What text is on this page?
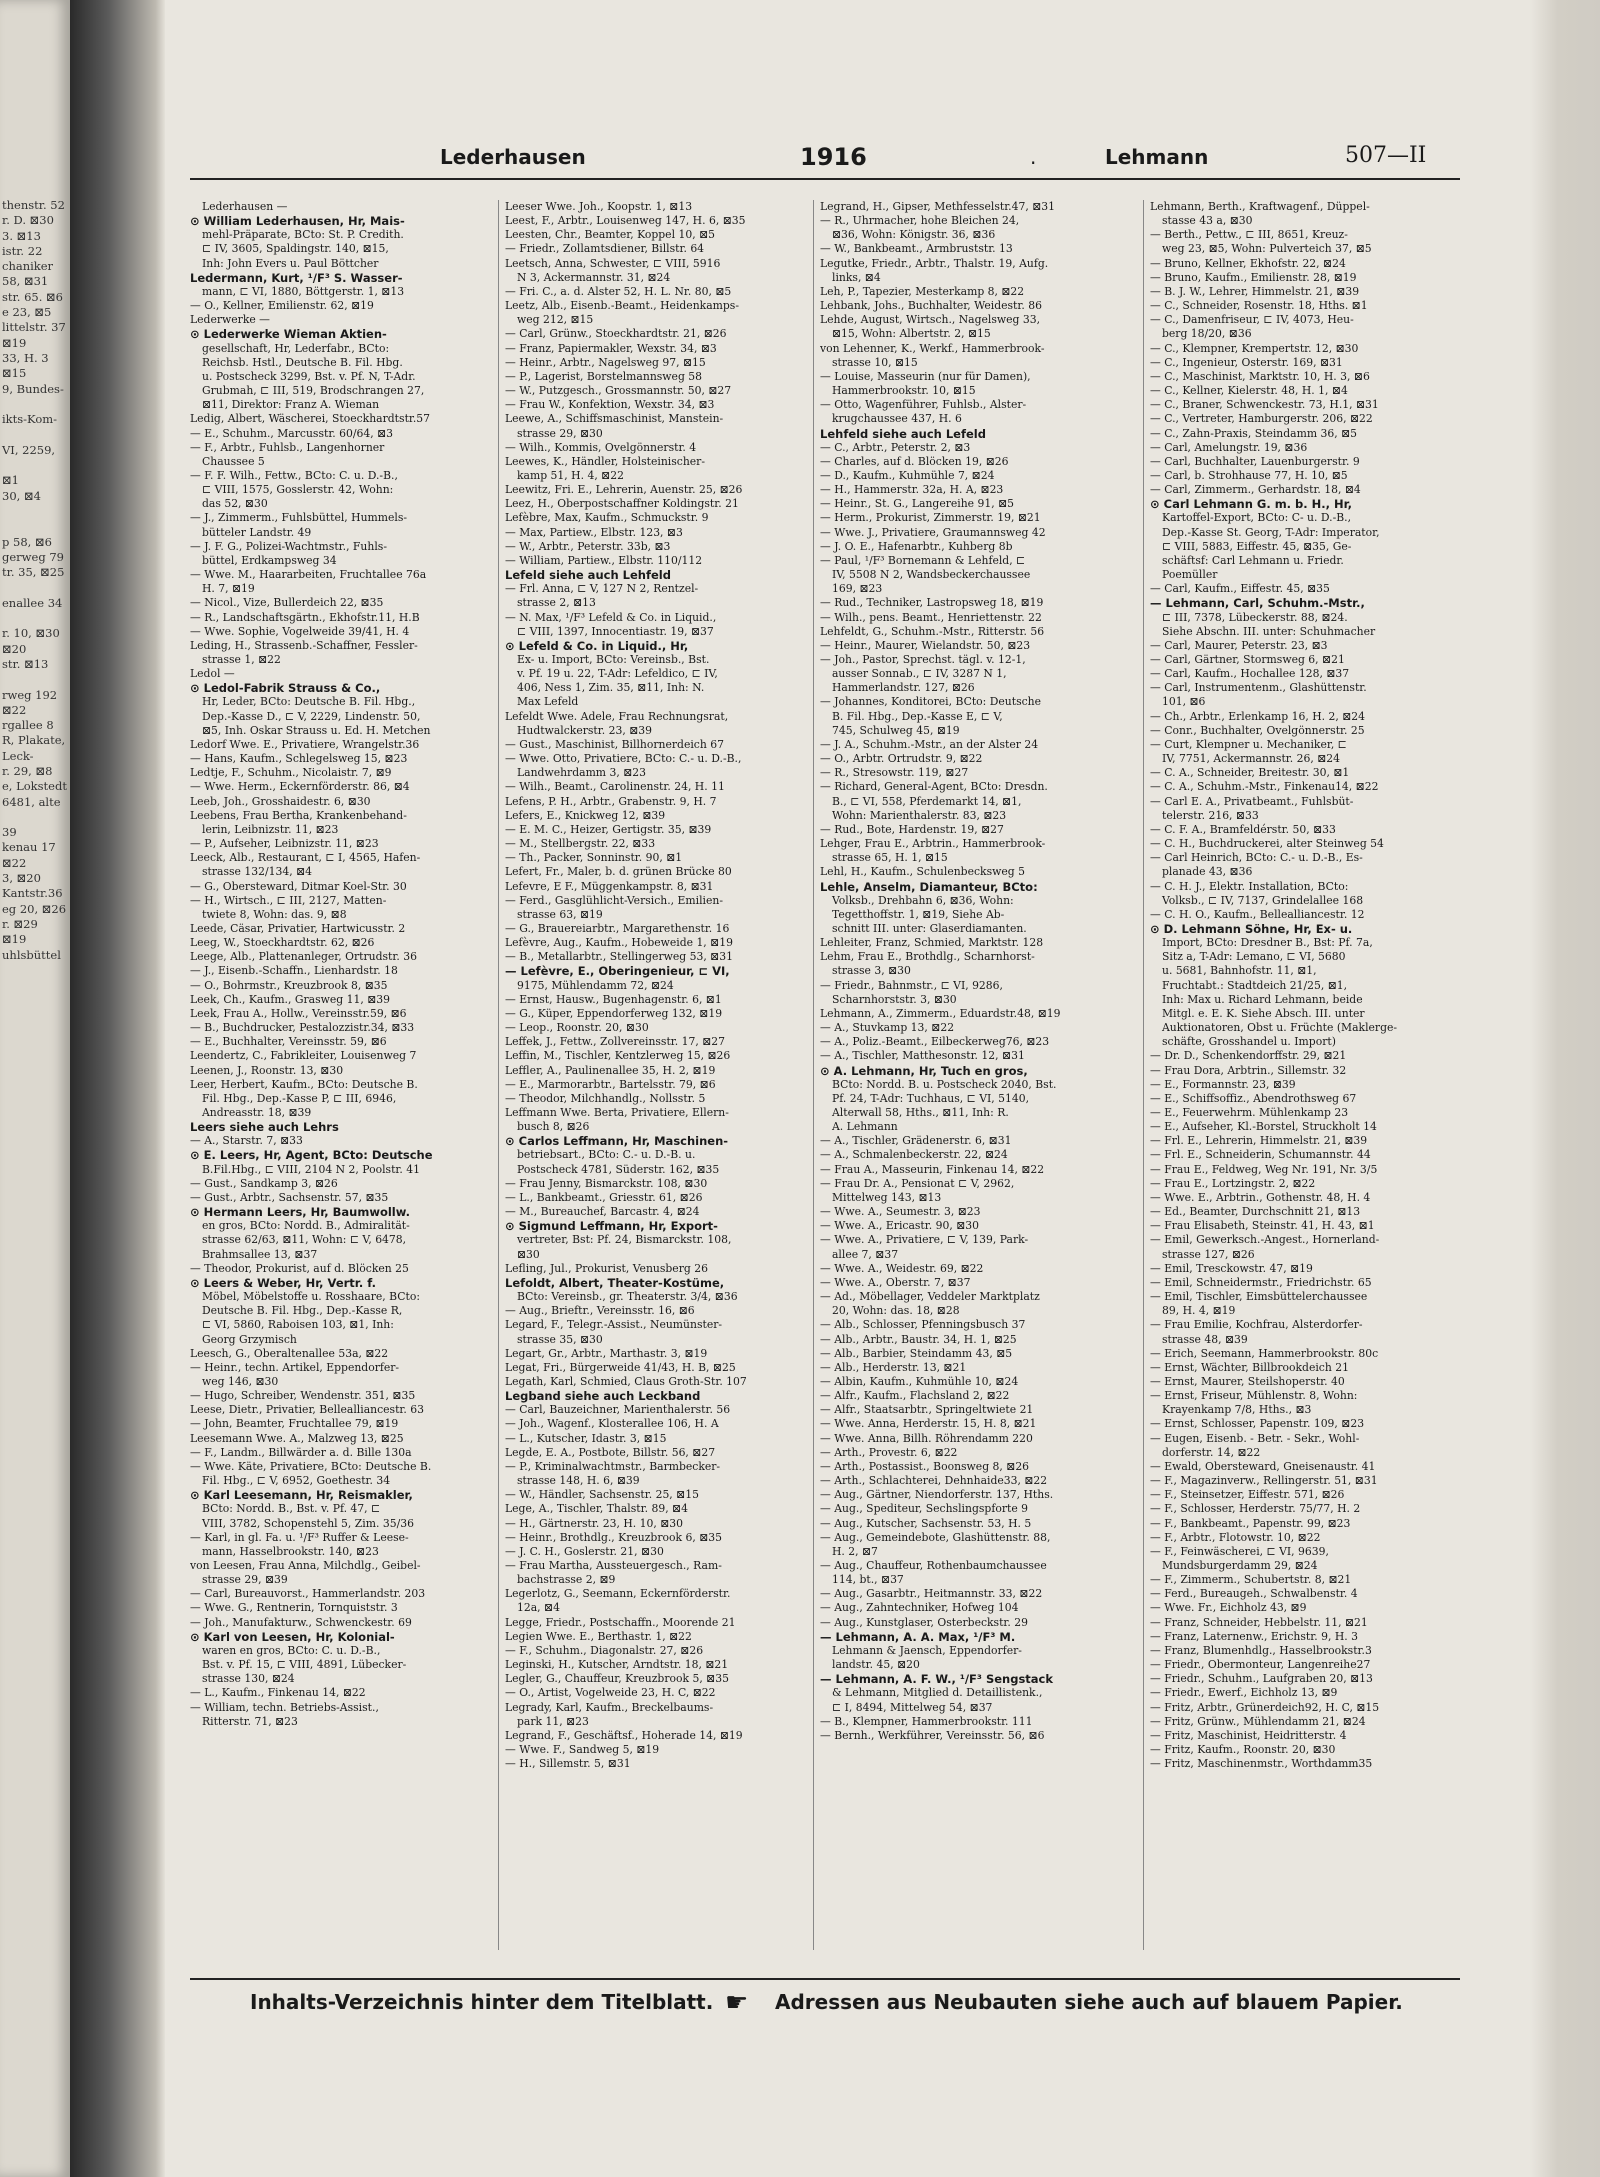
thenstr. 52
r. D. ⊠30
3. ⊠13
istr. 22
chaniker
58, ⊠31
str. 65. ⊠6
e 23, ⊠5
littelstr. 37
⊠19
33, H. 3
⊠15
9, Bundes-

ikts-Kom-

VI, 2259,

⊠1
30, ⊠4

p 58, ⊠6
gerweg 79
tr. 35, ⊠25

enallee 34

r. 10, ⊠30
⊠20
str. ⊠13

rweg 192
⊠22
rgallee 8
R, Plakate,
Leck-
r. 29, ⊠8
e, Lokstedt
6481, alte

39
kenau 17
⊠22
3, ⊠20
Kantstr.36
eg 20, ⊠26
r. ⊠29
⊠19
uhlsbüttel
Lederhausen	1916	.	Lehmann	507—II
Lederhausen —
⊙ William Lederhausen, Hr, Mais-
mehl-Präparate, BCto: St. P. Credith.
⊏ IV, 3605, Spaldingstr. 140, ⊠15,
Inh: John Evers u. Paul Böttcher
Ledermann, Kurt, ¹/F³ S. Wasser-
mann, ⊏ VI, 1880, Böttgerstr. 1, ⊠13
— O., Kellner, Emilienstr. 62, ⊠19
Lederwerke —
⊙ Lederwerke Wieman Aktien-
gesellschaft, Hr, Lederfabr., BCto:
Reichsb. Hstl., Deutsche B. Fil. Hbg.
u. Postscheck 3299, Bst. v. Pf. N, T-Adr.
Grubmah, ⊏ III, 519, Brodschrangen 27,
⊠11, Direktor: Franz A. Wieman
Ledig, Albert, Wäscherei, Stoeckhardtstr.57
— E., Schuhm., Marcusstr. 60/64, ⊠3
— F., Arbtr., Fuhlsb., Langenhorner
Chaussee 5
— F. F. Wilh., Fettw., BCto: C. u. D.-B.,
⊏ VIII, 1575, Gosslerstr. 42, Wohn:
das 52, ⊠30
— J., Zimmerm., Fuhlsbüttel, Hummels-
bütteler Landstr. 49
— J. F. G., Polizei-Wachtmstr., Fuhls-
büttel, Erdkampsweg 34
— Wwe. M., Haararbeiten, Fruchtallee 76a
H. 7, ⊠19
— Nicol., Vize, Bullerdeich 22, ⊠35
— R., Landschaftsgärtn., Ekhofstr.11, H.B
— Wwe. Sophie, Vogelweide 39/41, H. 4
Leding, H., Strassenb.-Schaffner, Fessler-
strasse 1, ⊠22
Ledol —
⊙ Ledol-Fabrik Strauss & Co.,
Hr, Leder, BCto: Deutsche B. Fil. Hbg.,
Dep.-Kasse D., ⊏ V, 2229, Lindenstr. 50,
⊠5, Inh. Oskar Strauss u. Ed. H. Metchen
Ledorf Wwe. E., Privatiere, Wrangelstr.36
— Hans, Kaufm., Schlegelsweg 15, ⊠23
Ledtje, F., Schuhm., Nicolaistr. 7, ⊠9
— Wwe. Herm., Eckernförderstr. 86, ⊠4
Leeb, Joh., Grosshaidestr. 6, ⊠30
Leebens, Frau Bertha, Krankenbehand-
lerin, Leibnizstr. 11, ⊠23
— P., Aufseher, Leibnizstr. 11, ⊠23
Leeck, Alb., Restaurant, ⊏ I, 4565, Hafen-
strasse 132/134, ⊠4
— G., Obersteward, Ditmar Koel-Str. 30
— H., Wirtsch., ⊏ III, 2127, Matten-
twiete 8, Wohn: das. 9, ⊠8
Leede, Cäsar, Privatier, Hartwicusstr. 2
Leeg, W., Stoeckhardtstr. 62, ⊠26
Leege, Alb., Plattenanleger, Ortrudstr. 36
— J., Eisenb.-Schaffn., Lienhardstr. 18
— O., Bohrmstr., Kreuzbrook 8, ⊠35
Leek, Ch., Kaufm., Grasweg 11, ⊠39
Leek, Frau A., Hollw., Vereinsstr.59, ⊠6
— B., Buchdrucker, Pestalozzistr.34, ⊠33
— E., Buchhalter, Vereinsstr. 59, ⊠6
Leendertz, C., Fabrikleiter, Louisenweg 7
Leenen, J., Roonstr. 13, ⊠30
Leer, Herbert, Kaufm., BCto: Deutsche B.
Fil. Hbg., Dep.-Kasse P, ⊏ III, 6946,
Andreasstr. 18, ⊠39
Leers siehe auch Lehrs
— A., Starstr. 7, ⊠33
⊙ E. Leers, Hr, Agent, BCto: Deutsche
B.Fil.Hbg., ⊏ VIII, 2104 N 2, Poolstr. 41
— Gust., Sandkamp 3, ⊠26
— Gust., Arbtr., Sachsenstr. 57, ⊠35
⊙ Hermann Leers, Hr, Baumwollw.
en gros, BCto: Nordd. B., Admiralität-
strasse 62/63, ⊠11, Wohn: ⊏ V, 6478,
Brahmsallee 13, ⊠37
— Theodor, Prokurist, auf d. Blöcken 25
⊙ Leers & Weber, Hr, Vertr. f.
Möbel, Möbelstoffe u. Rosshaare, BCto:
Deutsche B. Fil. Hbg., Dep.-Kasse R,
⊏ VI, 5860, Raboisen 103, ⊠1, Inh:
Georg Grzymisch
Leesch, G., Oberaltenallee 53a, ⊠22
— Heinr., techn. Artikel, Eppendorfer-
weg 146, ⊠30
— Hugo, Schreiber, Wendenstr. 351, ⊠35
Leese, Dietr., Privatier, Bellealliancestr. 63
— John, Beamter, Fruchtallee 79, ⊠19
Leesemann Wwe. A., Malzweg 13, ⊠25
— F., Landm., Billwärder a. d. Bille 130a
— Wwe. Käte, Privatiere, BCto: Deutsche B.
Fil. Hbg., ⊏ V, 6952, Goethestr. 34
⊙ Karl Leesemann, Hr, Reismakler,
BCto: Nordd. B., Bst. v. Pf. 47, ⊏
VIII, 3782, Schopenstehl 5, Zim. 35/36
— Karl, in gl. Fa. u. ¹/F³ Ruffer & Leese-
mann, Hasselbrookstr. 140, ⊠23
von Leesen, Frau Anna, Milchdlg., Geibel-
strasse 29, ⊠39
— Carl, Bureauvorst., Hammerlandstr. 203
— Wwe. G., Rentnerin, Tornquiststr. 3
— Joh., Manufakturw., Schwenckestr. 69
⊙ Karl von Leesen, Hr, Kolonial-
waren en gros, BCto: C. u. D.-B.,
Bst. v. Pf. 15, ⊏ VIII, 4891, Lübecker-
strasse 130, ⊠24
— L., Kaufm., Finkenau 14, ⊠22
— William, techn. Betriebs-Assist.,
Ritterstr. 71, ⊠23
Leeser Wwe. Joh., Koopstr. 1, ⊠13
Leest, F., Arbtr., Louisenweg 147, H. 6, ⊠35
Leesten, Chr., Beamter, Koppel 10, ⊠5
— Friedr., Zollamtsdiener, Billstr. 64
Leetsch, Anna, Schwester, ⊏ VIII, 5916
N 3, Ackermannstr. 31, ⊠24
— Fri. C., a. d. Alster 52, H. L. Nr. 80, ⊠5
Leetz, Alb., Eisenb.-Beamt., Heidenkamps-
weg 212, ⊠15
— Carl, Grünw., Stoeckhardtstr. 21, ⊠26
— Franz, Papiermakler, Wexstr. 34, ⊠3
— Heinr., Arbtr., Nagelsweg 97, ⊠15
— P., Lagerist, Borstelmannsweg 58
— W., Putzgesch., Grossmannstr. 50, ⊠27
— Frau W., Konfektion, Wexstr. 34, ⊠3
Leewe, A., Schiffsmaschinist, Manstein-
strasse 29, ⊠30
— Wilh., Kommis, Ovelgönnerstr. 4
Leewes, K., Händler, Holsteinischer-
kamp 51, H. 4, ⊠22
Leewitz, Fri. E., Lehrerin, Auenstr. 25, ⊠26
Leez, H., Oberpostschaffner Koldingstr. 21
Lefèbre, Max, Kaufm., Schmuckstr. 9
— Max, Partiew., Elbstr. 123, ⊠3
— W., Arbtr., Peterstr. 33b, ⊠3
— William, Partiew., Elbstr. 110/112
Lefeld siehe auch Lehfeld
— Frl. Anna, ⊏ V, 127 N 2, Rentzel-
strasse 2, ⊠13
— N. Max, ¹/F³ Lefeld & Co. in Liquid.,
⊏ VIII, 1397, Innocentiastr. 19, ⊠37
⊙ Lefeld & Co. in Liquid., Hr,
Ex- u. Import, BCto: Vereinsb., Bst.
v. Pf. 19 u. 22, T-Adr: Lefeldico, ⊏ IV,
406, Ness 1, Zim. 35, ⊠11, Inh: N.
Max Lefeld
Lefeldt Wwe. Adele, Frau Rechnungsrat,
Hudtwalckerstr. 23, ⊠39
— Gust., Maschinist, Billhornerdeich 67
— Wwe. Otto, Privatiere, BCto: C.- u. D.-B.,
Landwehrdamm 3, ⊠23
— Wilh., Beamt., Carolinenstr. 24, H. 11
Lefens, P. H., Arbtr., Grabenstr. 9, H. 7
Lefers, E., Knickweg 12, ⊠39
— E. M. C., Heizer, Gertigstr. 35, ⊠39
— M., Stellbergstr. 22, ⊠33
— Th., Packer, Sonninstr. 90, ⊠1
Lefert, Fr., Maler, b. d. grünen Brücke 80
Lefevre, E F., Müggenkampstr. 8, ⊠31
— Ferd., Gasglühlicht-Versich., Emilien-
strasse 63, ⊠19
— G., Brauereiarbtr., Margarethenstr. 16
Lefèvre, Aug., Kaufm., Hobeweide 1, ⊠19
— B., Metallarbtr., Stellingerweg 53, ⊠31
— Lefèvre, E., Oberingenieur, ⊏ VI,
9175, Mühlendamm 72, ⊠24
— Ernst, Hausw., Bugenhagenstr. 6, ⊠1
— G., Küper, Eppendorferweg 132, ⊠19
— Leop., Roonstr. 20, ⊠30
Leffek, J., Fettw., Zollvereinsstr. 17, ⊠27
Leffin, M., Tischler, Kentzlerweg 15, ⊠26
Leffler, A., Paulinenallee 35, H. 2, ⊠19
— E., Marmorarbtr., Bartelsstr. 79, ⊠6
— Theodor, Milchhandlg., Nollsstr. 5
Leffmann Wwe. Berta, Privatiere, Ellern-
busch 8, ⊠26
⊙ Carlos Leffmann, Hr, Maschinen-
betriebsart., BCto: C.- u. D.-B. u.
Postscheck 4781, Süderstr. 162, ⊠35
— Frau Jenny, Bismarckstr. 108, ⊠30
— L., Bankbeamt., Griesstr. 61, ⊠26
— M., Bureauchef, Barcastr. 4, ⊠24
⊙ Sigmund Leffmann, Hr, Export-
vertreter, Bst: Pf. 24, Bismarckstr. 108,
⊠30
Lefling, Jul., Prokurist, Venusberg 26
Lefoldt, Albert, Theater-Kostüme,
BCto: Vereinsb., gr. Theaterstr. 3/4, ⊠36
— Aug., Brieftr., Vereinsstr. 16, ⊠6
Legard, F., Telegr.-Assist., Neumünster-
strasse 35, ⊠30
Legart, Gr., Arbtr., Marthastr. 3, ⊠19
Legat, Fri., Bürgerweide 41/43, H. B, ⊠25
Legath, Karl, Schmied, Claus Groth-Str. 107
Legband siehe auch Leckband
— Carl, Bauzeichner, Marienthalerstr. 56
— Joh., Wagenf., Klosterallee 106, H. A
— L., Kutscher, Idastr. 3, ⊠15
Legde, E. A., Postbote, Billstr. 56, ⊠27
— P., Kriminalwachtmstr., Barmbecker-
strasse 148, H. 6, ⊠39
— W., Händler, Sachsenstr. 25, ⊠15
Lege, A., Tischler, Thalstr. 89, ⊠4
— H., Gärtnerstr. 23, H. 10, ⊠30
— Heinr., Brothdlg., Kreuzbrook 6, ⊠35
— J. C. H., Goslerstr. 21, ⊠30
— Frau Martha, Aussteuergesch., Ram-
bachstrasse 2, ⊠9
Legerlotz, G., Seemann, Eckernförderstr.
12a, ⊠4
Legge, Friedr., Postschaffn., Moorende 21
Legien Wwe. E., Berthastr. 1, ⊠22
— F., Schuhm., Diagonalstr. 27, ⊠26
Leginski, H., Kutscher, Arndtstr. 18, ⊠21
Legler, G., Chauffeur, Kreuzbrook 5, ⊠35
— O., Artist, Vogelweide 23, H. C, ⊠22
Legrady, Karl, Kaufm., Breckelbaums-
park 11, ⊠23
Legrand, F., Geschäftsf., Hoherade 14, ⊠19
— Wwe. F., Sandweg 5, ⊠19
— H., Sillemstr. 5, ⊠31
Legrand, H., Gipser, Methfesselstr.47, ⊠31
— R., Uhrmacher, hohe Bleichen 24,
⊠36, Wohn: Königstr. 36, ⊠36
— W., Bankbeamt., Armbruststr. 13
Legutke, Friedr., Arbtr., Thalstr. 19, Aufg.
links, ⊠4
Leh, P., Tapezier, Mesterkamp 8, ⊠22
Lehbank, Johs., Buchhalter, Weidestr. 86
Lehde, August, Wirtsch., Nagelsweg 33,
⊠15, Wohn: Albertstr. 2, ⊠15
von Lehenner, K., Werkf., Hammerbrook-
strasse 10, ⊠15
— Louise, Masseurin (nur für Damen),
Hammerbrookstr. 10, ⊠15
— Otto, Wagenführer, Fuhlsb., Alster-
krugchaussee 437, H. 6
Lehfeld siehe auch Lefeld
— C., Arbtr., Peterstr. 2, ⊠3
— Charles, auf d. Blöcken 19, ⊠26
— D., Kaufm., Kuhmühle 7, ⊠24
— H., Hammerstr. 32a, H. A, ⊠23
— Heinr., St. G., Langereihe 91, ⊠5
— Herm., Prokurist, Zimmerstr. 19, ⊠21
— Wwe. J., Privatiere, Graumannsweg 42
— J. O. E., Hafenarbtr., Kuhberg 8b
— Paul, ¹/F³ Bornemann & Lehfeld, ⊏
IV, 5508 N 2, Wandsbeckerchaussee
169, ⊠23
— Rud., Techniker, Lastropsweg 18, ⊠19
— Wilh., pens. Beamt., Henriettenstr. 22
Lehfeldt, G., Schuhm.-Mstr., Ritterstr. 56
— Heinr., Maurer, Wielandstr. 50, ⊠23
— Joh., Pastor, Sprechst. tägl. v. 12-1,
ausser Sonnab., ⊏ IV, 3287 N 1,
Hammerlandstr. 127, ⊠26
— Johannes, Konditorei, BCto: Deutsche
B. Fil. Hbg., Dep.-Kasse E, ⊏ V,
745, Schulweg 45, ⊠19
— J. A., Schuhm.-Mstr., an der Alster 24
— O., Arbtr. Ortrudstr. 9, ⊠22
— R., Stresowstr. 119, ⊠27
— Richard, General-Agent, BCto: Dresdn.
B., ⊏ VI, 558, Pferdemarkt 14, ⊠1,
Wohn: Marienthalerstr. 83, ⊠23
— Rud., Bote, Hardenstr. 19, ⊠27
Lehger, Frau E., Arbtrin., Hammerbrook-
strasse 65, H. 1, ⊠15
Lehl, H., Kaufm., Schulenbecksweg 5
Lehle, Anselm, Diamanteur, BCto:
Volksb., Drehbahn 6, ⊠36, Wohn:
Tegetthoffstr. 1, ⊠19, Siehe Ab-
schnitt III. unter: Glaserdiamanten.
Lehleiter, Franz, Schmied, Marktstr. 128
Lehm, Frau E., Brothdlg., Scharnhorst-
strasse 3, ⊠30
— Friedr., Bahnmstr., ⊏ VI, 9286,
Scharnhorststr. 3, ⊠30
Lehmann, A., Zimmerm., Eduardstr.48, ⊠19
— A., Stuvkamp 13, ⊠22
— A., Poliz.-Beamt., Eilbeckerweg76, ⊠23
— A., Tischler, Matthesonstr. 12, ⊠31
⊙ A. Lehmann, Hr, Tuch en gros,
BCto: Nordd. B. u. Postscheck 2040, Bst.
Pf. 24, T-Adr: Tuchhaus, ⊏ VI, 5140,
Alterwall 58, Hths., ⊠11, Inh: R.
A. Lehmann
— A., Tischler, Grädenerstr. 6, ⊠31
— A., Schmalenbeckerstr. 22, ⊠24
— Frau A., Masseurin, Finkenau 14, ⊠22
— Frau Dr. A., Pensionat ⊏ V, 2962,
Mittelweg 143, ⊠13
— Wwe. A., Seumestr. 3, ⊠23
— Wwe. A., Ericastr. 90, ⊠30
— Wwe. A., Privatiere, ⊏ V, 139, Park-
allee 7, ⊠37
— Wwe. A., Weidestr. 69, ⊠22
— Wwe. A., Oberstr. 7, ⊠37
— Ad., Möbellager, Veddeler Marktplatz
20, Wohn: das. 18, ⊠28
— Alb., Schlosser, Pfenningsbusch 37
— Alb., Arbtr., Baustr. 34, H. 1, ⊠25
— Alb., Barbier, Steindamm 43, ⊠5
— Alb., Herderstr. 13, ⊠21
— Albin, Kaufm., Kuhmühle 10, ⊠24
— Alfr., Kaufm., Flachsland 2, ⊠22
— Alfr., Staatsarbtr., Springeltwiete 21
— Wwe. Anna, Herderstr. 15, H. 8, ⊠21
— Wwe. Anna, Billh. Röhrendamm 220
— Arth., Provestr. 6, ⊠22
— Arth., Postassist., Boonsweg 8, ⊠26
— Arth., Schlachterei, Dehnhaide33, ⊠22
— Aug., Gärtner, Niendorferstr. 137, Hths.
— Aug., Spediteur, Sechslingspforte 9
— Aug., Kutscher, Sachsenstr. 53, H. 5
— Aug., Gemeindebote, Glashüttenstr. 88,
H. 2, ⊠7
— Aug., Chauffeur, Rothenbaumchaussee
114, bt., ⊠37
— Aug., Gasarbtr., Heitmannstr. 33, ⊠22
— Aug., Zahntechniker, Hofweg 104
— Aug., Kunstglaser, Osterbeckstr. 29
— Lehmann, A. A. Max, ¹/F³ M.
Lehmann & Jaensch, Eppendorfer-
landstr. 45, ⊠20
— Lehmann, A. F. W., ¹/F³ Sengstack
& Lehmann, Mitglied d. Detaillistenk.,
⊏ I, 8494, Mittelweg 54, ⊠37
— B., Klempner, Hammerbrookstr. 111
— Bernh., Werkführer, Vereinsstr. 56, ⊠6
Lehmann, Berth., Kraftwagenf., Düppel-
stasse 43 a, ⊠30
— Berth., Pettw., ⊏ III, 8651, Kreuz-
weg 23, ⊠5, Wohn: Pulverteich 37, ⊠5
— Bruno, Kellner, Ekhofstr. 22, ⊠24
— Bruno, Kaufm., Emilienstr. 28, ⊠19
— B. J. W., Lehrer, Himmelstr. 21, ⊠39
— C., Schneider, Rosenstr. 18, Hths. ⊠1
— C., Damenfriseur, ⊏ IV, 4073, Heu-
berg 18/20, ⊠36
— C., Klempner, Krempertstr. 12, ⊠30
— C., Ingenieur, Osterstr. 169, ⊠31
— C., Maschinist, Marktstr. 10, H. 3, ⊠6
— C., Kellner, Kielerstr. 48, H. 1, ⊠4
— C., Braner, Schwenckestr. 73, H.1, ⊠31
— C., Vertreter, Hamburgerstr. 206, ⊠22
— C., Zahn-Praxis, Steindamm 36, ⊠5
— Carl, Amelungstr. 19, ⊠36
— Carl, Buchhalter, Lauenburgerstr. 9
— Carl, b. Strohhause 77, H. 10, ⊠5
— Carl, Zimmerm., Gerhardstr. 18, ⊠4
⊙ Carl Lehmann G. m. b. H., Hr,
Kartoffel-Export, BCto: C- u. D.-B.,
Dep.-Kasse St. Georg, T-Adr: Imperator,
⊏ VIII, 5883, Eiffestr. 45, ⊠35, Ge-
schäftsf: Carl Lehmann u. Friedr.
Poemüller
— Carl, Kaufm., Eiffestr. 45, ⊠35
— Lehmann, Carl, Schuhm.-Mstr.,
⊏ III, 7378, Lübeckerstr. 88, ⊠24.
Siehe Abschn. III. unter: Schuhmacher
— Carl, Maurer, Peterstr. 23, ⊠3
— Carl, Gärtner, Stormsweg 6, ⊠21
— Carl, Kaufm., Hochallee 128, ⊠37
— Carl, Instrumentenm., Glashüttenstr.
101, ⊠6
— Ch., Arbtr., Erlenkamp 16, H. 2, ⊠24
— Conr., Buchhalter, Ovelgönnerstr. 25
— Curt, Klempner u. Mechaniker, ⊏
IV, 7751, Ackermannstr. 26, ⊠24
— C. A., Schneider, Breitestr. 30, ⊠1
— C. A., Schuhm.-Mstr., Finkenau14, ⊠22
— Carl E. A., Privatbeamt., Fuhlsbüt-
telerstr. 216, ⊠33
— C. F. A., Bramfeldérstr. 50, ⊠33
— C. H., Buchdruckerei, alter Steinweg 54
— Carl Heinrich, BCto: C.- u. D.-B., Es-
planade 43, ⊠36
— C. H. J., Elektr. Installation, BCto:
Volksb., ⊏ IV, 7137, Grindelallee 168
— C. H. O., Kaufm., Bellealliancestr. 12
⊙ D. Lehmann Söhne, Hr, Ex- u.
Import, BCto: Dresdner B., Bst: Pf. 7a,
Sitz a, T-Adr: Lemano, ⊏ VI, 5680
u. 5681, Bahnhofstr. 11, ⊠1,
Fruchtabt.: Stadtdeich 21/25, ⊠1,
Inh: Max u. Richard Lehmann, beide
Mitgl. e. E. K. Siehe Absch. III. unter
Auktionatoren, Obst u. Früchte (Maklerge-
schäfte, Grosshandel u. Import)
— Dr. D., Schenkendorffstr. 29, ⊠21
— Frau Dora, Arbtrin., Sillemstr. 32
— E., Formannstr. 23, ⊠39
— E., Schiffsoffiz., Abendrothsweg 67
— E., Feuerwehrm. Mühlenkamp 23
— E., Aufseher, Kl.-Borstel, Struckholt 14
— Frl. E., Lehrerin, Himmelstr. 21, ⊠39
— Frl. E., Schneiderin, Schumannstr. 44
— Frau E., Feldweg, Weg Nr. 191, Nr. 3/5
— Frau E., Lortzingstr. 2, ⊠22
— Wwe. E., Arbtrin., Gothenstr. 48, H. 4
— Ed., Beamter, Durchschnitt 21, ⊠13
— Frau Elisabeth, Steinstr. 41, H. 43, ⊠1
— Emil, Gewerksch.-Angest., Hornerland-
strasse 127, ⊠26
— Emil, Tresckowstr. 47, ⊠19
— Emil, Schneidermstr., Friedrichstr. 65
— Emil, Tischler, Eimsbüttelerchaussee
89, H. 4, ⊠19
— Frau Emilie, Kochfrau, Alsterdorfer-
strasse 48, ⊠39
— Erich, Seemann, Hammerbrookstr. 80c
— Ernst, Wächter, Billbrookdeich 21
— Ernst, Maurer, Steilshoperstr. 40
— Ernst, Friseur, Mühlenstr. 8, Wohn:
Krayenkamp 7/8, Hths., ⊠3
— Ernst, Schlosser, Papenstr. 109, ⊠23
— Eugen, Eisenb. - Betr. - Sekr., Wohl-
dorferstr. 14, ⊠22
— Ewald, Obersteward, Gneisenaustr. 41
— F., Magazinverw., Rellingerstr. 51, ⊠31
— F., Steinsetzer, Eiffestr. 571, ⊠26
— F., Schlosser, Herderstr. 75/77, H. 2
— F., Bankbeamt., Papenstr. 99, ⊠23
— F., Arbtr., Flotowstr. 10, ⊠22
— F., Feinwäscherei, ⊏ VI, 9639,
Mundsburgerdamm 29, ⊠24
— F., Zimmerm., Schubertstr. 8, ⊠21
— Ferd., Bureaugeh., Schwalbenstr. 4
— Wwe. Fr., Eichholz 43, ⊠9
— Franz, Schneider, Hebbelstr. 11, ⊠21
— Franz, Laternenw., Erichstr. 9, H. 3
— Franz, Blumenhdlg., Hasselbrookstr.3
— Friedr., Obermonteur, Langenreihe27
— Friedr., Schuhm., Laufgraben 20, ⊠13
— Friedr., Ewerf., Eichholz 13, ⊠9
— Fritz, Arbtr., Grünerdeich92, H. C, ⊠15
— Fritz, Grünw., Mühlendamm 21, ⊠24
— Fritz, Maschinist, Heidritterstr. 4
— Fritz, Kaufm., Roonstr. 20, ⊠30
— Fritz, Maschinenmstr., Worthdamm35
Inhalts-Verzeichnis hinter dem Titelblatt. ☛ Adressen aus Neubauten siehe auch auf blauem Papier.
